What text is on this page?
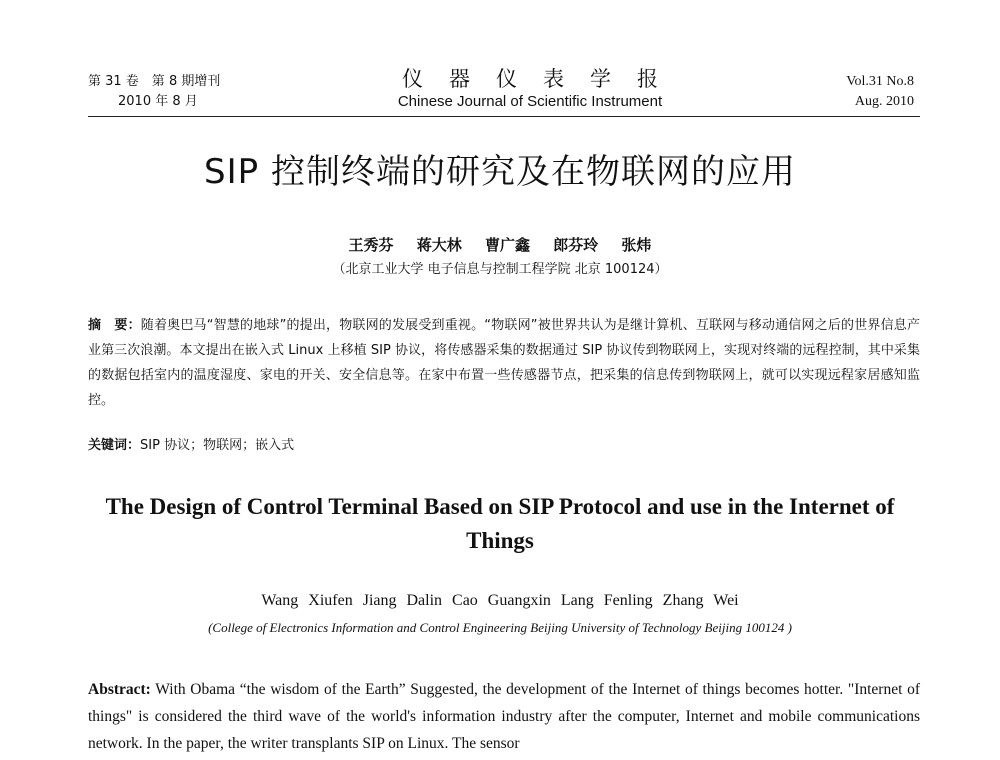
第 31 卷　第 8 期增刊
2010 年 8 月
仪器仪表学报
Chinese Journal of Scientific Instrument
Vol.31 No.8
Aug. 2010
SIP 控制终端的研究及在物联网的应用
王秀芬 蒋大林 曹广鑫 郎芬玲 张炜
（北京工业大学 电子信息与控制工程学院 北京 100124）
摘　要：随着奥巴马“智慧的地球”的提出，物联网的发展受到重视。“物联网”被世界共认为是继计算机、互联网与移动通信网之后的世界信息产业第三次浪潮。本文提出在嵌入式 Linux 上移植 SIP 协议，将传感器采集的数据通过 SIP 协议传到物联网上，实现对终端的远程控制，其中采集的数据包括室内的温度湿度、家电的开关、安全信息等。在家中布置一些传感器节点，把采集的信息传到物联网上，就可以实现远程家居感知监控。
关键词：SIP 协议；物联网；嵌入式
The Design of Control Terminal Based on SIP Protocol and use in the Internet of Things
Wang Xiufen Jiang Dalin Cao Guangxin Lang Fenling Zhang Wei
(College of Electronics Information and Control Engineering Beijing University of Technology Beijing 100124 )
Abstract: With Obama “the wisdom of the Earth” Suggested, the development of the Internet of things becomes hotter. "Internet of things" is considered the third wave of the world's information industry after the computer, Internet and mobile communications network. In the paper, the writer transplants SIP on Linux. The sensor
